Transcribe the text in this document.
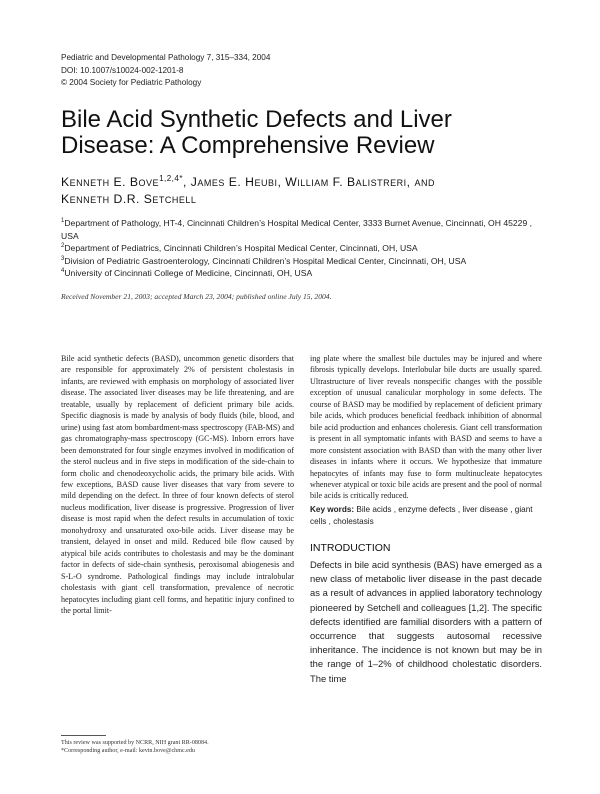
Pediatric and Developmental Pathology 7, 315–334, 2004
DOI: 10.1007/s10024-002-1201-8
© 2004 Society for Pediatric Pathology
Bile Acid Synthetic Defects and Liver
Disease: A Comprehensive Review
Kenneth E. Bove$^{1,2,4*}$, James E. Heubi, William F. Balistreri, and
Kenneth D.R. Setchell
$^1$Department of Pathology, HT-4, Cincinnati Children’s Hospital Medical Center, 3333 Burnet Avenue, Cincinnati, OH 45229 , USA
$^2$Department of Pediatrics, Cincinnati Children’s Hospital Medical Center, Cincinnati, OH, USA
$^3$Division of Pediatric Gastroenterology, Cincinnati Children’s Hospital Medical Center, Cincinnati, OH, USA
$^4$University of Cincinnati College of Medicine, Cincinnati, OH, USA
Received November 21, 2003; accepted March 23, 2004; published online July 15, 2004.
Bile acid synthetic defects (BASD), uncommon genetic disorders that are responsible for approximately 2% of persistent cholestasis in infants, are reviewed with emphasis on morphology of associated liver disease. The associated liver diseases may be life threatening, and are treatable, usually by replacement of deficient primary bile acids. Specific diagnosis is made by analysis of body fluids (bile, blood, and urine) using fast atom bombardment-mass spectroscopy (FAB-MS) and gas chromatography-mass spectroscopy (GC-MS). Inborn errors have been demonstrated for four single enzymes involved in modification of the sterol nucleus and in five steps in modification of the side-chain to form cholic and chenodeoxycholic acids, the primary bile acids. With few exceptions, BASD cause liver diseases that vary from severe to mild depending on the defect. In three of four known defects of sterol nucleus modification, liver disease is progressive. Progression of liver disease is most rapid when the defect results in accumulation of toxic monohydroxy and unsaturated oxo-bile acids. Liver disease may be transient, delayed in onset and mild. Reduced bile flow caused by atypical bile acids contributes to cholestasis and may be the dominant factor in defects of side-chain synthesis, peroxisomal abiogenesis and S-L-O syndrome. Pathological findings may include intralobular cholestasis with giant cell transformation, prevalence of necrotic hepatocytes including giant cell forms, and hepatitic injury confined to the portal limit-
ing plate where the smallest bile ductules may be injured and where fibrosis typically develops. Interlobular bile ducts are usually spared. Ultrastructure of liver reveals nonspecific changes with the possible exception of unusual canalicular morphology in some defects. The course of BASD may be modified by replacement of deficient primary bile acids, which produces beneficial feedback inhibition of abnormal bile acid production and enhances choleresis. Giant cell transformation is present in all symptomatic infants with BASD and seems to have a more consistent association with BASD than with the many other liver diseases in infants where it occurs. We hypothesize that immature hepatocytes of infants may fuse to form multinucleate hepatocytes whenever atypical or toxic bile acids are present and the pool of normal bile acids is critically reduced.
Key words: Bile acids , enzyme defects , liver disease , giant cells , cholestasis
INTRODUCTION
Defects in bile acid synthesis (BAS) have emerged as a new class of metabolic liver disease in the past decade as a result of advances in applied laboratory technology pioneered by Setchell and colleagues [1,2]. The specific defects identified are familial disorders with a pattern of occurrence that suggests autosomal recessive inheritance. The incidence is not known but may be in the range of 1–2% of childhood cholestatic disorders. The time
This review was supported by NCRR, NIH grant RR-08084.
*Corresponding author, e-mail: kevin.bove@chmc.edu
